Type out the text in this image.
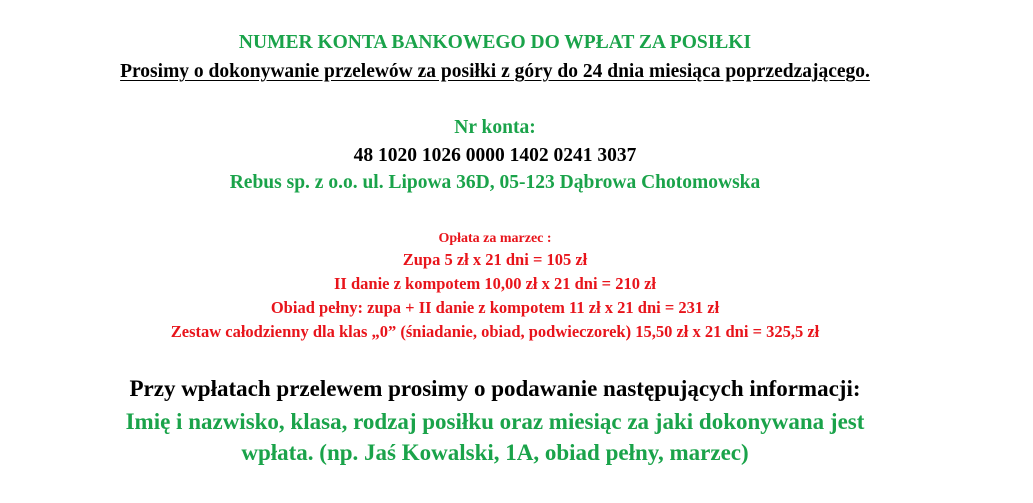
NUMER KONTA BANKOWEGO DO WPŁAT ZA POSIŁKI
Prosimy o dokonywanie przelewów za posiłki z góry do 24 dnia miesiąca poprzedzającego.
Nr konta:
48 1020 1026 0000 1402 0241 3037
Rebus sp. z o.o. ul. Lipowa 36D, 05-123 Dąbrowa Chotomowska
Opłata za marzec :
Zupa 5 zł x 21 dni = 105 zł
II danie z kompotem 10,00 zł x 21 dni = 210 zł
Obiad pełny: zupa + II danie z kompotem 11 zł x 21 dni = 231 zł
Zestaw całodzienny dla klas „0” (śniadanie, obiad, podwieczorek) 15,50 zł x 21 dni = 325,5 zł
Przy wpłatach przelewem prosimy o podawanie następujących informacji:
Imię i nazwisko, klasa, rodzaj posiłku oraz miesiąc za jaki dokonywana jest
wpłata. (np. Jaś Kowalski, 1A, obiad pełny, marzec)
